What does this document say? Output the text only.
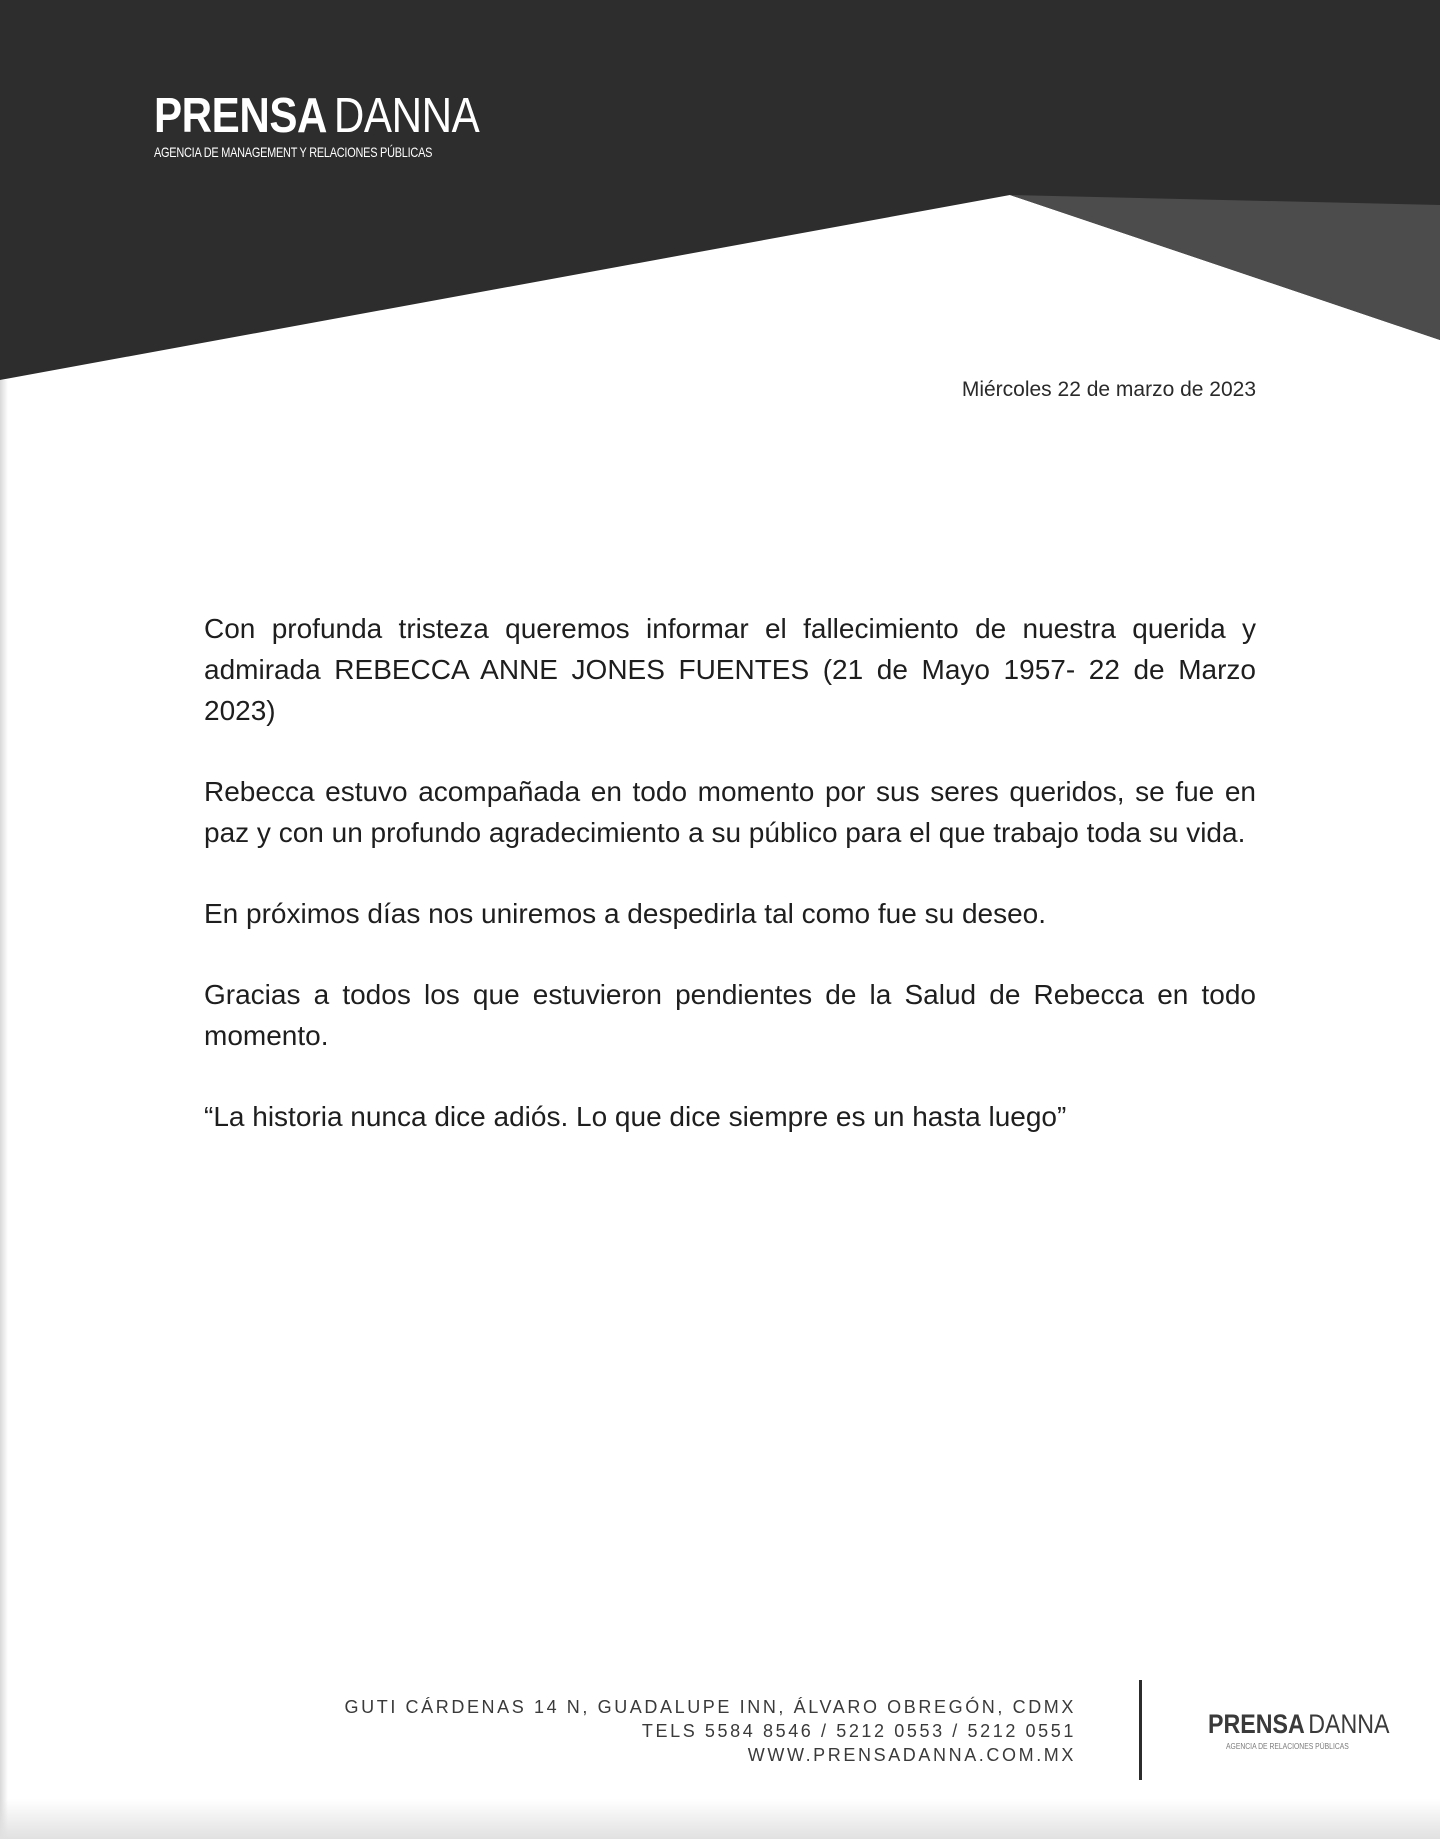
PRENSA DANNA
AGENCIA DE MANAGEMENT Y RELACIONES PÚBLICAS
Miércoles 22 de marzo de 2023

Con profunda tristeza queremos informar el fallecimiento de nuestra querida y admirada REBECCA ANNE JONES FUENTES (21 de Mayo 1957- 22 de Marzo 2023)

Rebecca estuvo acompañada en todo momento por sus seres queridos, se fue en paz y con un profundo agradecimiento a su público para el que trabajo toda su vida.

En próximos días nos uniremos a despedirla tal como fue su deseo.

Gracias a todos los que estuvieron pendientes de la Salud de Rebecca en todo momento.

“La historia nunca dice adiós. Lo que dice siempre es un hasta luego”

GUTI CÁRDENAS 14 N, GUADALUPE INN, ÁLVARO OBREGÓN, CDMX
TELS 5584 8546 / 5212 0553 / 5212 0551
WWW.PRENSADANNA.COM.MX
PRENSA DANNA
AGENCIA DE RELACIONES PÚBLICAS
